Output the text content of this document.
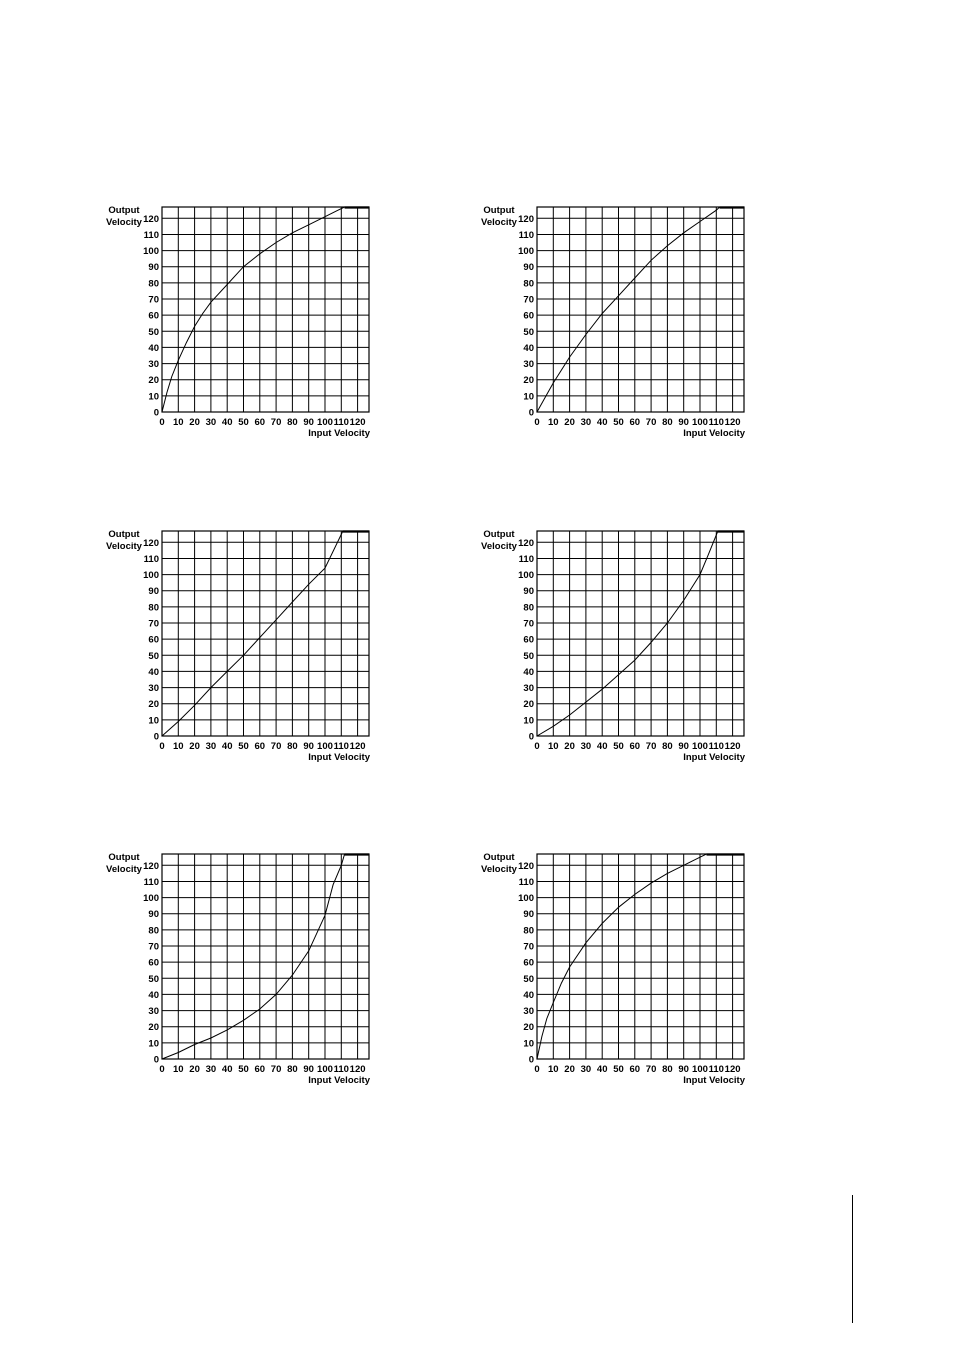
Output
Velocity
0
10
20
30
40
50
60
70
80
90
100
110
120
0 10 20 30 40 50 60 70 80 90 100 110 120
Input Velocity
Output
Velocity
0
10
20
30
40
50
60
70
80
90
100
110
120
0 10 20 30 40 50 60 70 80 90 100 110 120
Input Velocity
Output
Velocity
0
10
20
30
40
50
60
70
80
90
100
110
120
0 10 20 30 40 50 60 70 80 90 100 110 120
Input Velocity
Output
Velocity
0
10
20
30
40
50
60
70
80
90
100
110
120
0 10 20 30 40 50 60 70 80 90 100 110 120
Input Velocity
Output
Velocity
0
10
20
30
40
50
60
70
80
90
100
110
120
0 10 20 30 40 50 60 70 80 90 100 110 120
Input Velocity
Output
Velocity
0
10
20
30
40
50
60
70
80
90
100
110
120
0 10 20 30 40 50 60 70 80 90 100 110 120
Input Velocity
